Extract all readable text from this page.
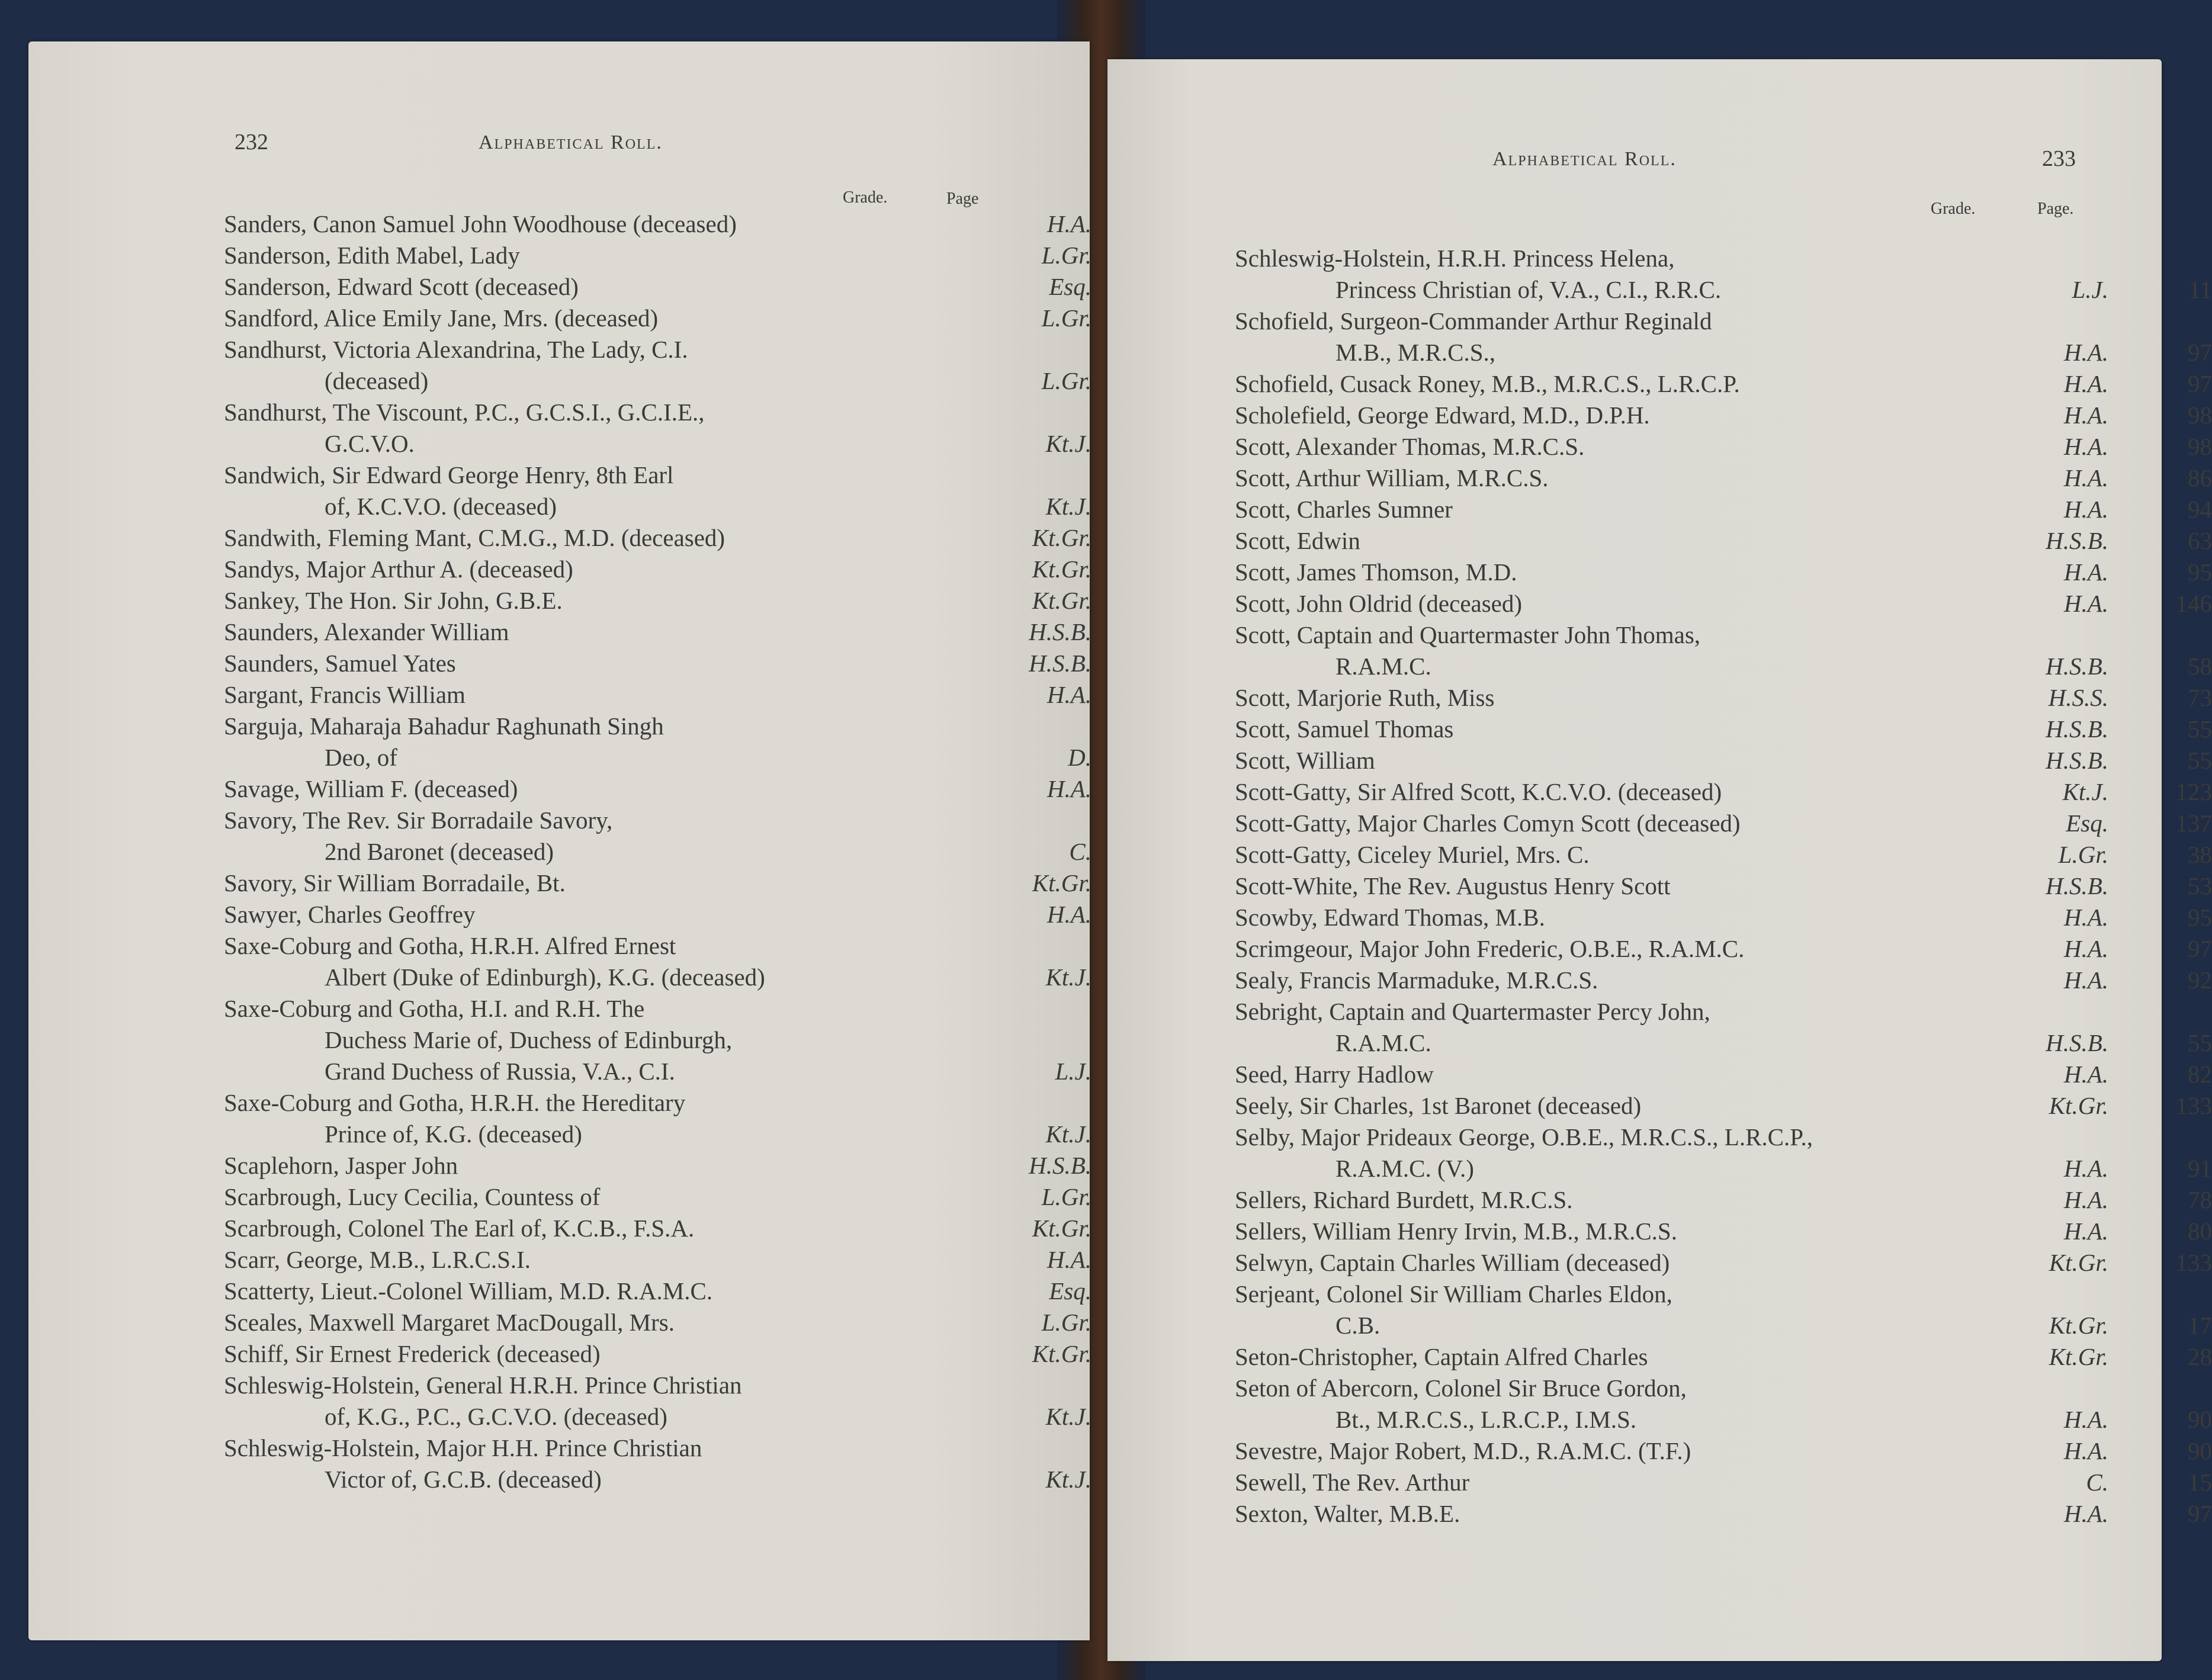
232	Alphabetical Roll.
Grade.	Page
Sanders, Canon Samuel John Woodhouse (deceased)	H.A.
Sanderson, Edith Mabel, Lady	L.Gr.
Sanderson, Edward Scott (deceased)	Esq.
Sandford, Alice Emily Jane, Mrs. (deceased)	L.Gr.
Sandhurst, Victoria Alexandrina, The Lady, C.I.
(deceased)	L.Gr.
Sandhurst, The Viscount, P.C., G.C.S.I., G.C.I.E.,
G.C.V.O.	Kt.J.
Sandwich, Sir Edward George Henry, 8th Earl
of, K.C.V.O. (deceased)	Kt.J.
Sandwith, Fleming Mant, C.M.G., M.D. (deceased)	Kt.Gr.
Sandys, Major Arthur A. (deceased)	Kt.Gr.
Sankey, The Hon. Sir John, G.B.E.	Kt.Gr.
Saunders, Alexander William	H.S.B.
Saunders, Samuel Yates	H.S.B.
Sargant, Francis William	H.A.
Sarguja, Maharaja Bahadur Raghunath Singh
Deo, of	D.
Savage, William F. (deceased)	H.A.
Savory, The Rev. Sir Borradaile Savory,
2nd Baronet (deceased)	C.
Savory, Sir William Borradaile, Bt.	Kt.Gr.
Sawyer, Charles Geoffrey	H.A.
Saxe-Coburg and Gotha, H.R.H. Alfred Ernest
Albert (Duke of Edinburgh), K.G. (deceased)	Kt.J.
Saxe-Coburg and Gotha, H.I. and R.H. The
Duchess Marie of, Duchess of Edinburgh,
Grand Duchess of Russia, V.A., C.I.	L.J.
Saxe-Coburg and Gotha, H.R.H. the Hereditary
Prince of, K.G. (deceased)	Kt.J.
Scaplehorn, Jasper John	H.S.B.
Scarbrough, Lucy Cecilia, Countess of	L.Gr.
Scarbrough, Colonel The Earl of, K.C.B., F.S.A.	Kt.Gr.
Scarr, George, M.B., L.R.C.S.I.	H.A.
Scatterty, Lieut.-Colonel William, M.D. R.A.M.C.	Esq.
Sceales, Maxwell Margaret MacDougall, Mrs.	L.Gr.
Schiff, Sir Ernest Frederick (deceased)	Kt.Gr.
Schleswig-Holstein, General H.R.H. Prince Christian
of, K.G., P.C., G.C.V.O. (deceased)	Kt.J.
Schleswig-Holstein, Major H.H. Prince Christian
Victor of, G.C.B. (deceased)	Kt.J.
Alphabetical Roll.	233
Grade.	Page.
Schleswig-Holstein, H.R.H. Princess Helena,
Princess Christian of, V.A., C.I., R.R.C.	L.J.	11
Schofield, Surgeon-Commander Arthur Reginald
M.B., M.R.C.S.,	H.A.	97
Schofield, Cusack Roney, M.B., M.R.C.S., L.R.C.P.	H.A.	97
Scholefield, George Edward, M.D., D.P.H.	H.A.	98
Scott, Alexander Thomas, M.R.C.S.	H.A.	98
Scott, Arthur William, M.R.C.S.	H.A.	86
Scott, Charles Sumner	H.A.	94
Scott, Edwin	H.S.B.	63
Scott, James Thomson, M.D.	H.A.	95
Scott, John Oldrid (deceased)	H.A.	146
Scott, Captain and Quartermaster John Thomas,
R.A.M.C.	H.S.B.	58
Scott, Marjorie Ruth, Miss	H.S.S.	73
Scott, Samuel Thomas	H.S.B.	55
Scott, William	H.S.B.	55
Scott-Gatty, Sir Alfred Scott, K.C.V.O. (deceased)	Kt.J.	123
Scott-Gatty, Major Charles Comyn Scott (deceased)	Esq.	137
Scott-Gatty, Ciceley Muriel, Mrs. C.	L.Gr.	38
Scott-White, The Rev. Augustus Henry Scott	H.S.B.	53
Scowby, Edward Thomas, M.B.	H.A.	95
Scrimgeour, Major John Frederic, O.B.E., R.A.M.C.	H.A.	97
Sealy, Francis Marmaduke, M.R.C.S.	H.A.	92
Sebright, Captain and Quartermaster Percy John,
R.A.M.C.	H.S.B.	55
Seed, Harry Hadlow	H.A.	82
Seely, Sir Charles, 1st Baronet (deceased)	Kt.Gr.	133
Selby, Major Prideaux George, O.B.E., M.R.C.S., L.R.C.P.,
R.A.M.C. (V.)	H.A.	91
Sellers, Richard Burdett, M.R.C.S.	H.A.	78
Sellers, William Henry Irvin, M.B., M.R.C.S.	H.A.	80
Selwyn, Captain Charles William (deceased)	Kt.Gr.	133
Serjeant, Colonel Sir William Charles Eldon,
C.B.	Kt.Gr.	17
Seton-Christopher, Captain Alfred Charles	Kt.Gr.	28
Seton of Abercorn, Colonel Sir Bruce Gordon,
Bt., M.R.C.S., L.R.C.P., I.M.S.	H.A.	90
Sevestre, Major Robert, M.D., R.A.M.C. (T.F.)	H.A.	90
Sewell, The Rev. Arthur	C.	15
Sexton, Walter, M.B.E.	H.A.	97
